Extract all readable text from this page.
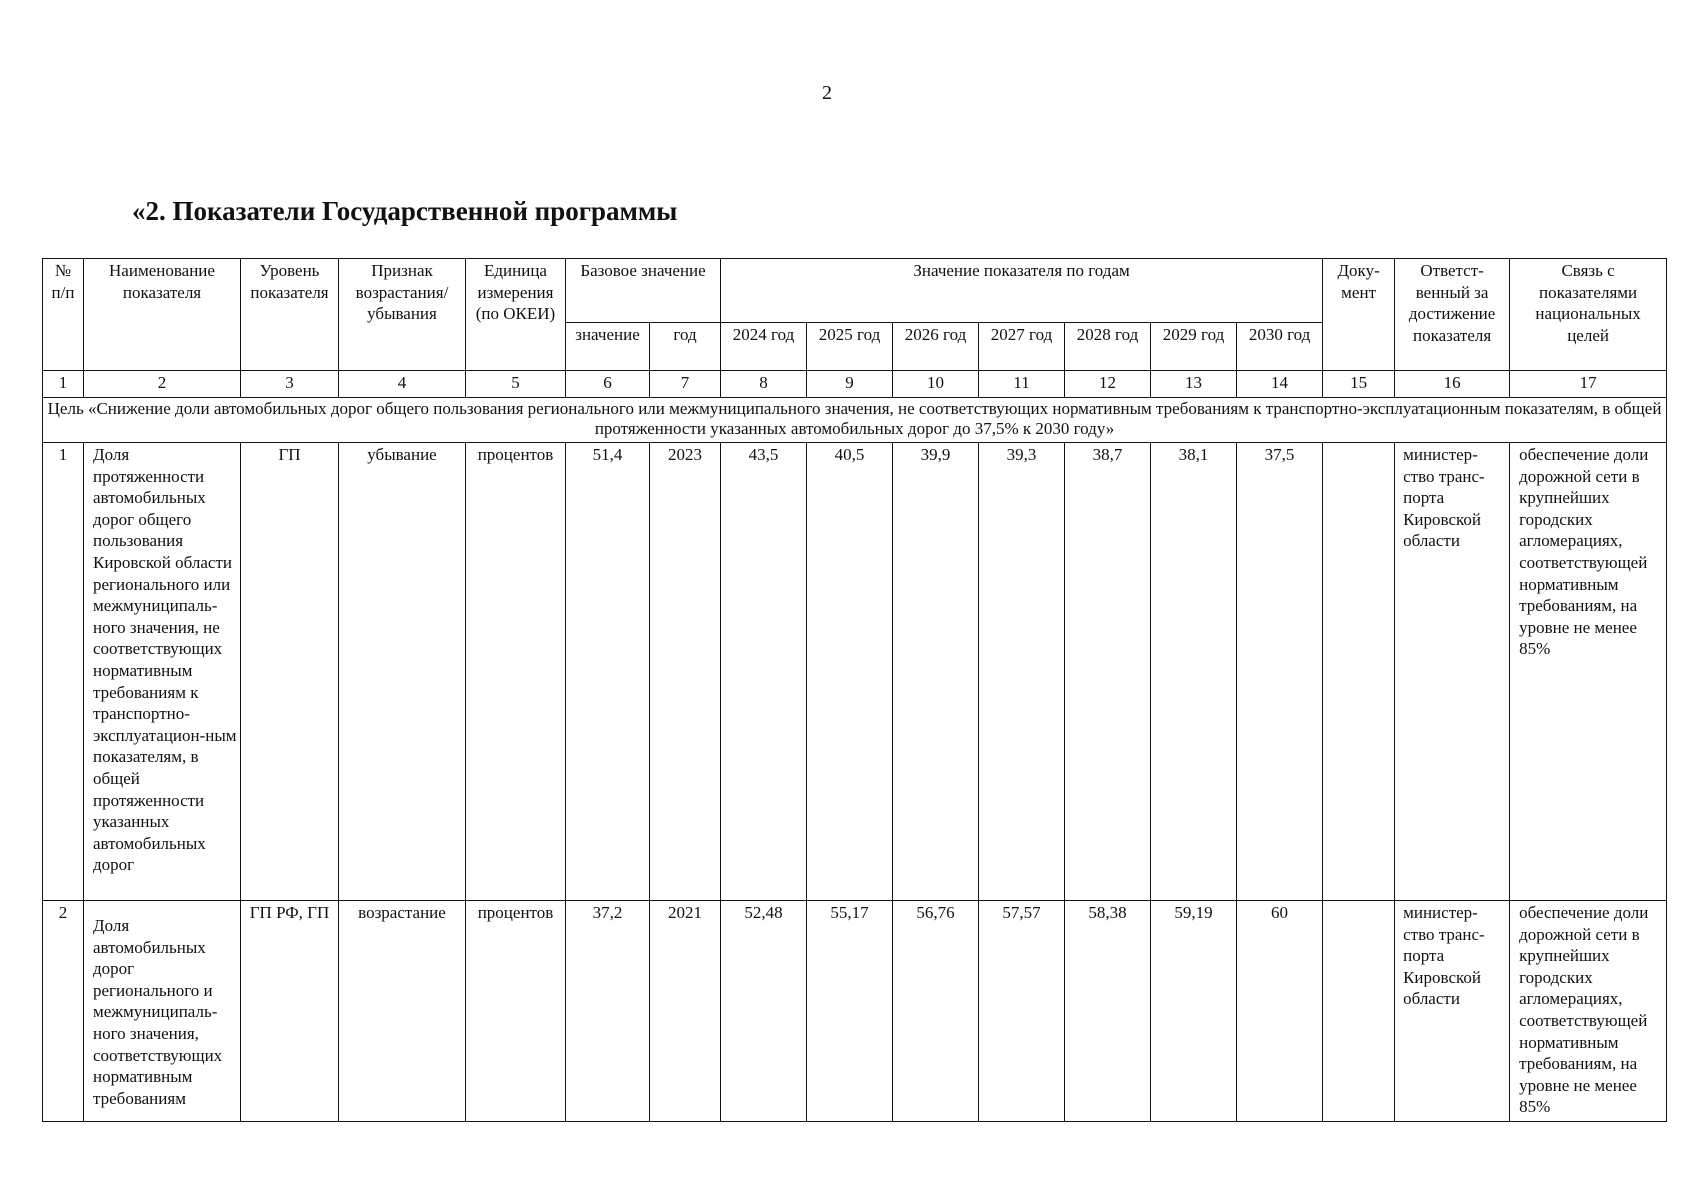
2
«2. Показатели Государственной программы
№ п/п	Наименование показателя	Уровень показателя	Признак возрастания/ убывания	Единица измерения (по ОКЕИ)	Базовое значение		Значение показателя по годам							Доку- мент	Ответст- венный за достижение показателя	Связь с показателями национальных целей
					значение	год	2024 год	2025 год	2026 год	2027 год	2028 год	2029 год	2030 год			
1	2	3	4	5	6	7	8	9	10	11	12	13	14	15	16	17
Цель «Снижение доли автомобильных дорог общего пользования регионального или межмуниципального значения, не соответствующих нормативным требованиям к транспортно-эксплуатационным показателям, в общей протяженности указанных автомобильных дорог до 37,5% к 2030 году»																
1	Доля протяженности автомобильных дорог общего пользования Кировской области регионального или межмуниципаль-ного значения, не соответствующих нормативным требованиям к транспортно-эксплуатацион-ным показателям, в общей протяженности указанных автомобильных дорог	ГП	убывание	процентов	51,4	2023	43,5	40,5	39,9	39,3	38,7	38,1	37,5		министер-ство транс-порта Кировской области	обеспечение доли дорожной сети в крупнейших городских агломерациях, соответствующей нормативным требованиям, на уровне не менее 85%
2	Доля автомобильных дорог регионального и межмуниципаль-ного значения, соответствующих нормативным требованиям	ГП РФ, ГП	возрастание	процентов	37,2	2021	52,48	55,17	56,76	57,57	58,38	59,19	60		министер-ство транс-порта Кировской области	обеспечение доли дорожной сети в крупнейших городских агломерациях, соответствующей нормативным требованиям, на уровне не менее 85%
